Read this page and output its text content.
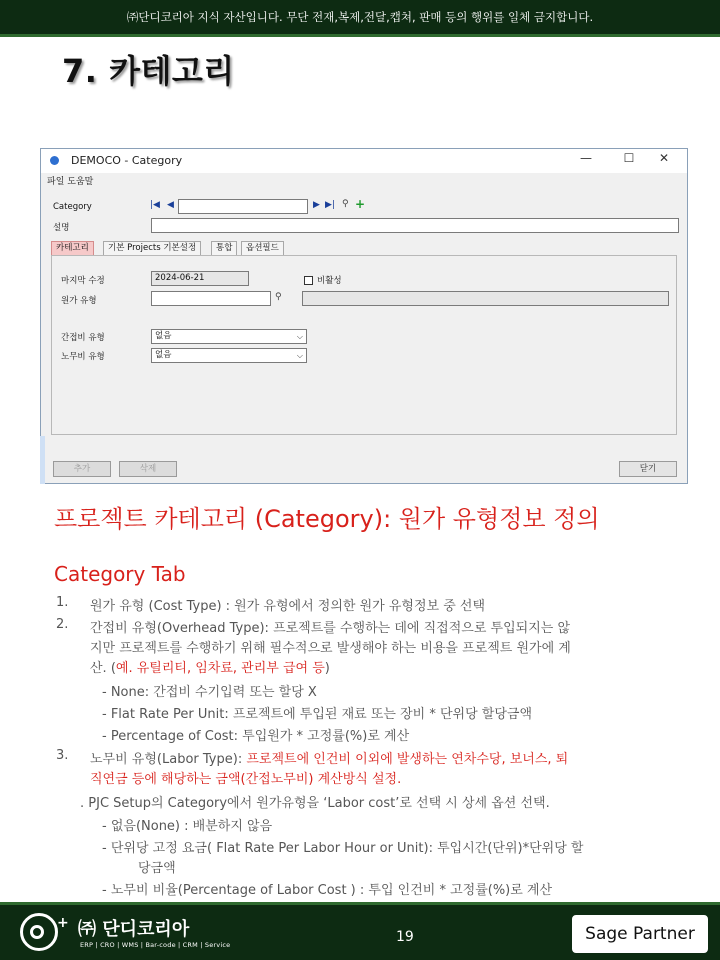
㈜단디코리아 지식 자산입니다. 무단 전재,복제,전달,캡쳐, 판매 등의 행위를 일체 금지합니다.
7. 카테고리
DEMOCO - Category	—	☐	✕
파일 도움말
Category	|◀ ◀	▶ ▶| ⚲ +
설명
카테고리	기본 Projects 기본설정	통합	옵션필드
마지막 수정	2024-06-21	비활성
원가 유형	⚲
간접비 유형	없음	⌵
노무비 유형	없음	⌵
추가	삭제	닫기
프로젝트 카테고리 (Category): 원가 유형정보 정의
Category Tab
1. 원가 유형 (Cost Type) : 원가 유형에서 정의한 원가 유형정보 중 선택
2. 간접비 유형(Overhead Type): 프로젝트를 수행하는 데에 직접적으로 투입되지는 않
지만 프로젝트를 수행하기 위해 필수적으로 발생해야 하는 비용을 프로젝트 원가에 계
산. (예. 유틸리티, 임차료, 관리부 급여 등)
- None: 간접비 수기입력 또는 할당 X
- Flat Rate Per Unit: 프로젝트에 투입된 재료 또는 장비 * 단위당 할당금액
- Percentage of Cost: 투입원가 * 고정률(%)로 계산
3. 노무비 유형(Labor Type): 프로젝트에 인건비 이외에 발생하는 연차수당, 보너스, 퇴
직연금 등에 해당하는 금액(간접노무비) 계산방식 설정.
. PJC Setup의 Category에서 원가유형을 ‘Labor cost’로 선택 시 상세 옵션 선택.
- 없음(None) : 배분하지 않음
- 단위당 고정 요금( Flat Rate Per Labor Hour or Unit): 투입시간(단위)*단위당 할
당금액
- 노무비 비율(Percentage of Labor Cost ) : 투입 인건비 * 고정률(%)로 계산
+ ㈜ 단디코리아
ERP | CRO | WMS | Bar-code | CRM | Service	19	Sage Partner
